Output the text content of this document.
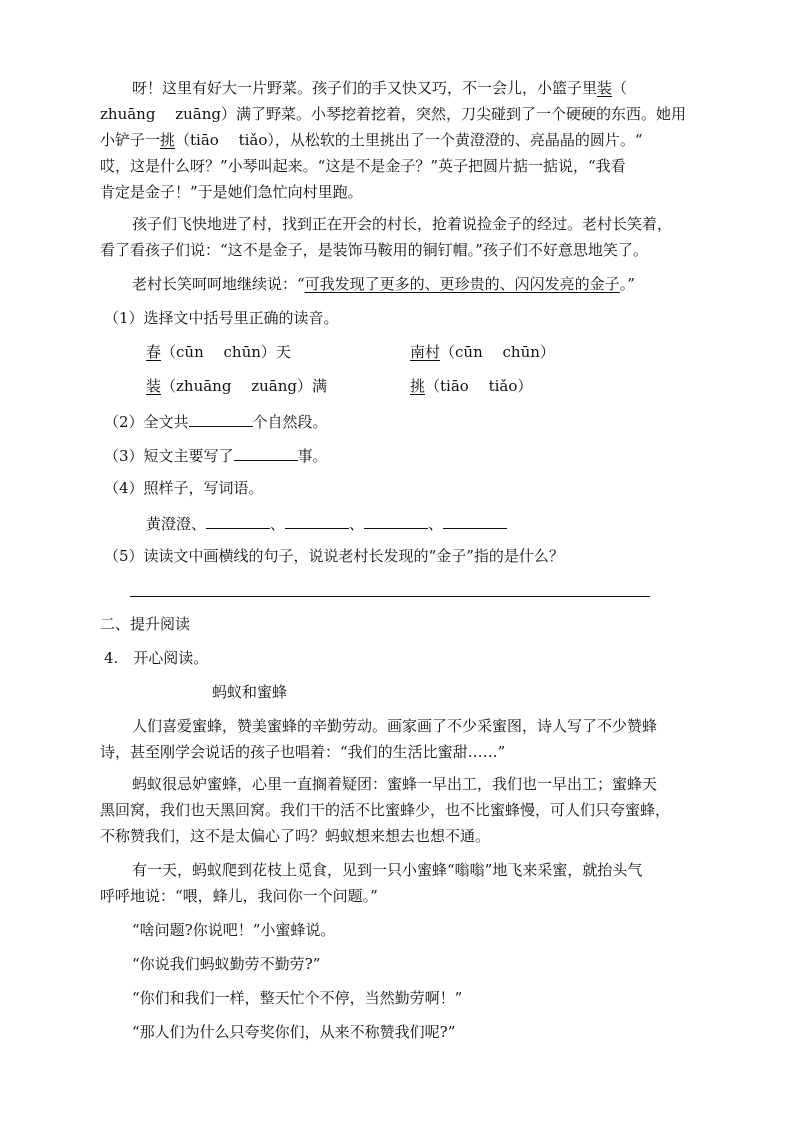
呀！这里有好大一片野菜。孩子们的手又快又巧，不一会儿，小篮子里装（
zhuāng　 zuāng）满了野菜。小琴挖着挖着，突然，刀尖碰到了一个硬硬的东西。她用
小铲子一挑（tiāo　 tiǎo），从松软的土里挑出了一个黄澄澄的、亮晶晶的圆片。“
哎，这是什么呀？”小琴叫起来。“这是不是金子？”英子把圆片掂一掂说，“我看
肯定是金子！”于是她们急忙向村里跑。
孩子们飞快地进了村，找到正在开会的村长，抢着说捡金子的经过。老村长笑着，
看了看孩子们说：“这不是金子，是装饰马鞍用的铜钉帽。”孩子们不好意思地笑了。
老村长笑呵呵地继续说：“可我发现了更多的、更珍贵的、闪闪发亮的金子。”
（1）选择文中括号里正确的读音。
春（cūn　 chūn）天	南村（cūn　 chūn）
装（zhuāng　 zuāng）满	挑（tiāo　 tiǎo）
（2）全文共	个自然段。
（3）短文主要写了	事。
（4）照样子，写词语。
黄澄澄、	、	、	、
（5）读读文中画横线的句子，说说老村长发现的“金子”指的是什么？
二、提升阅读
4.　开心阅读。
蚂蚁和蜜蜂
人们喜爱蜜蜂，赞美蜜蜂的辛勤劳动。画家画了不少采蜜图，诗人写了不少赞蜂
诗，甚至刚学会说话的孩子也唱着：“我们的生活比蜜甜……”
蚂蚁很忌妒蜜蜂，心里一直搁着疑团：蜜蜂一早出工，我们也一早出工；蜜蜂天
黑回窝，我们也天黑回窝。我们干的活不比蜜蜂少，也不比蜜蜂慢，可人们只夸蜜蜂，
不称赞我们，这不是太偏心了吗？蚂蚁想来想去也想不通。
有一天，蚂蚁爬到花枝上觅食，见到一只小蜜蜂“嗡嗡”地飞来采蜜，就抬头气
呼呼地说：“喂，蜂儿，我问你一个问题。”
“啥问题?你说吧！”小蜜蜂说。
“你说我们蚂蚁勤劳不勤劳?”
“你们和我们一样，整天忙个不停，当然勤劳啊！”
“那人们为什么只夸奖你们，从来不称赞我们呢?”
